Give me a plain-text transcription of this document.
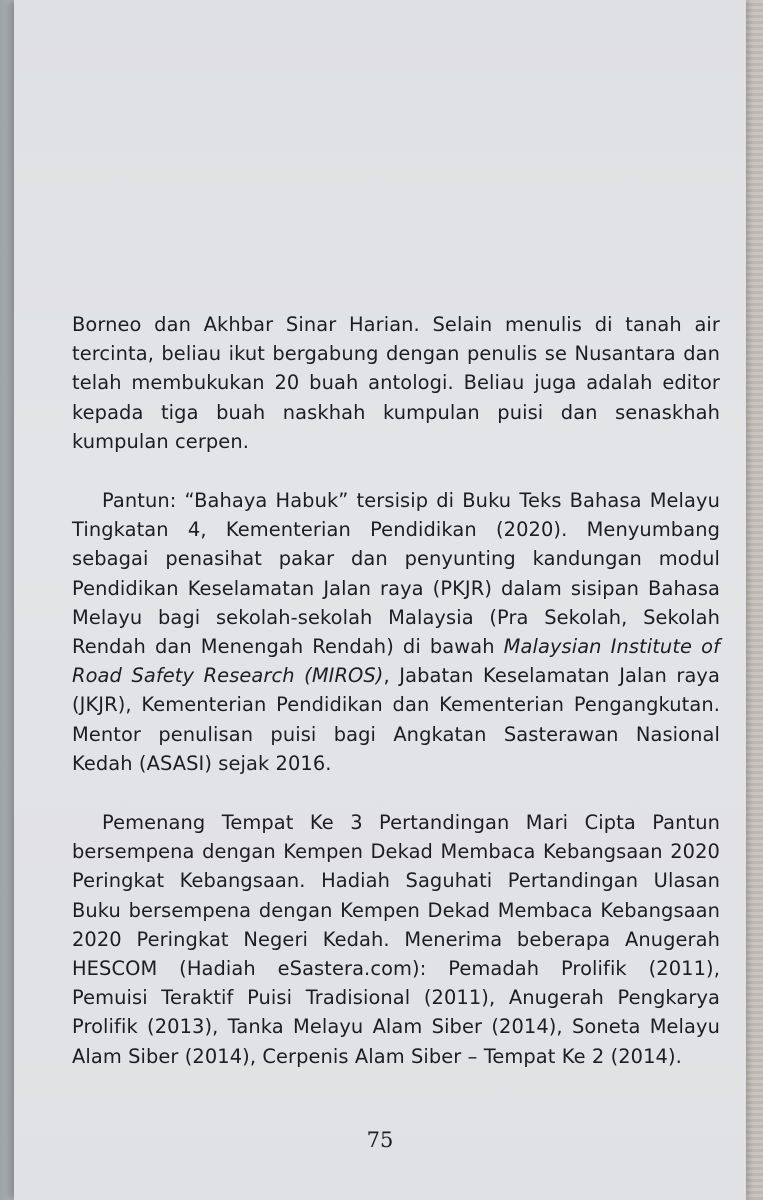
Borneo dan Akhbar Sinar Harian. Selain menulis di tanah air tercinta, beliau ikut bergabung dengan penulis se Nusantara dan telah membukukan 20 buah antologi. Beliau juga adalah editor kepada tiga buah naskhah kumpulan puisi dan senaskhah kumpulan cerpen.

Pantun: “Bahaya Habuk” tersisip di Buku Teks Bahasa Melayu Tingkatan 4, Kementerian Pendidikan (2020). Menyumbang sebagai penasihat pakar dan penyunting kandungan modul Pendidikan Keselamatan Jalan raya (PKJR) dalam sisipan Bahasa Melayu bagi sekolah-sekolah Malaysia (Pra Sekolah, Sekolah Rendah dan Menengah Rendah) di bawah Malaysian Institute of Road Safety Research (MIROS), Jabatan Keselamatan Jalan raya (JKJR), Kementerian Pendidikan dan Kementerian Pengangkutan. Mentor penulisan puisi bagi Angkatan Sasterawan Nasional Kedah (ASASI) sejak 2016.

Pemenang Tempat Ke 3 Pertandingan Mari Cipta Pantun bersempena dengan Kempen Dekad Membaca Kebangsaan 2020 Peringkat Kebangsaan. Hadiah Saguhati Pertandingan Ulasan Buku bersempena dengan Kempen Dekad Membaca Kebangsaan 2020 Peringkat Negeri Kedah. Menerima beberapa Anugerah HESCOM (Hadiah eSastera.com): Pemadah Prolifik (2011), Pemuisi Teraktif Puisi Tradisional (2011), Anugerah Pengkarya Prolifik (2013), Tanka Melayu Alam Siber (2014), Soneta Melayu Alam Siber (2014), Cerpenis Alam Siber – Tempat Ke 2 (2014).

75
